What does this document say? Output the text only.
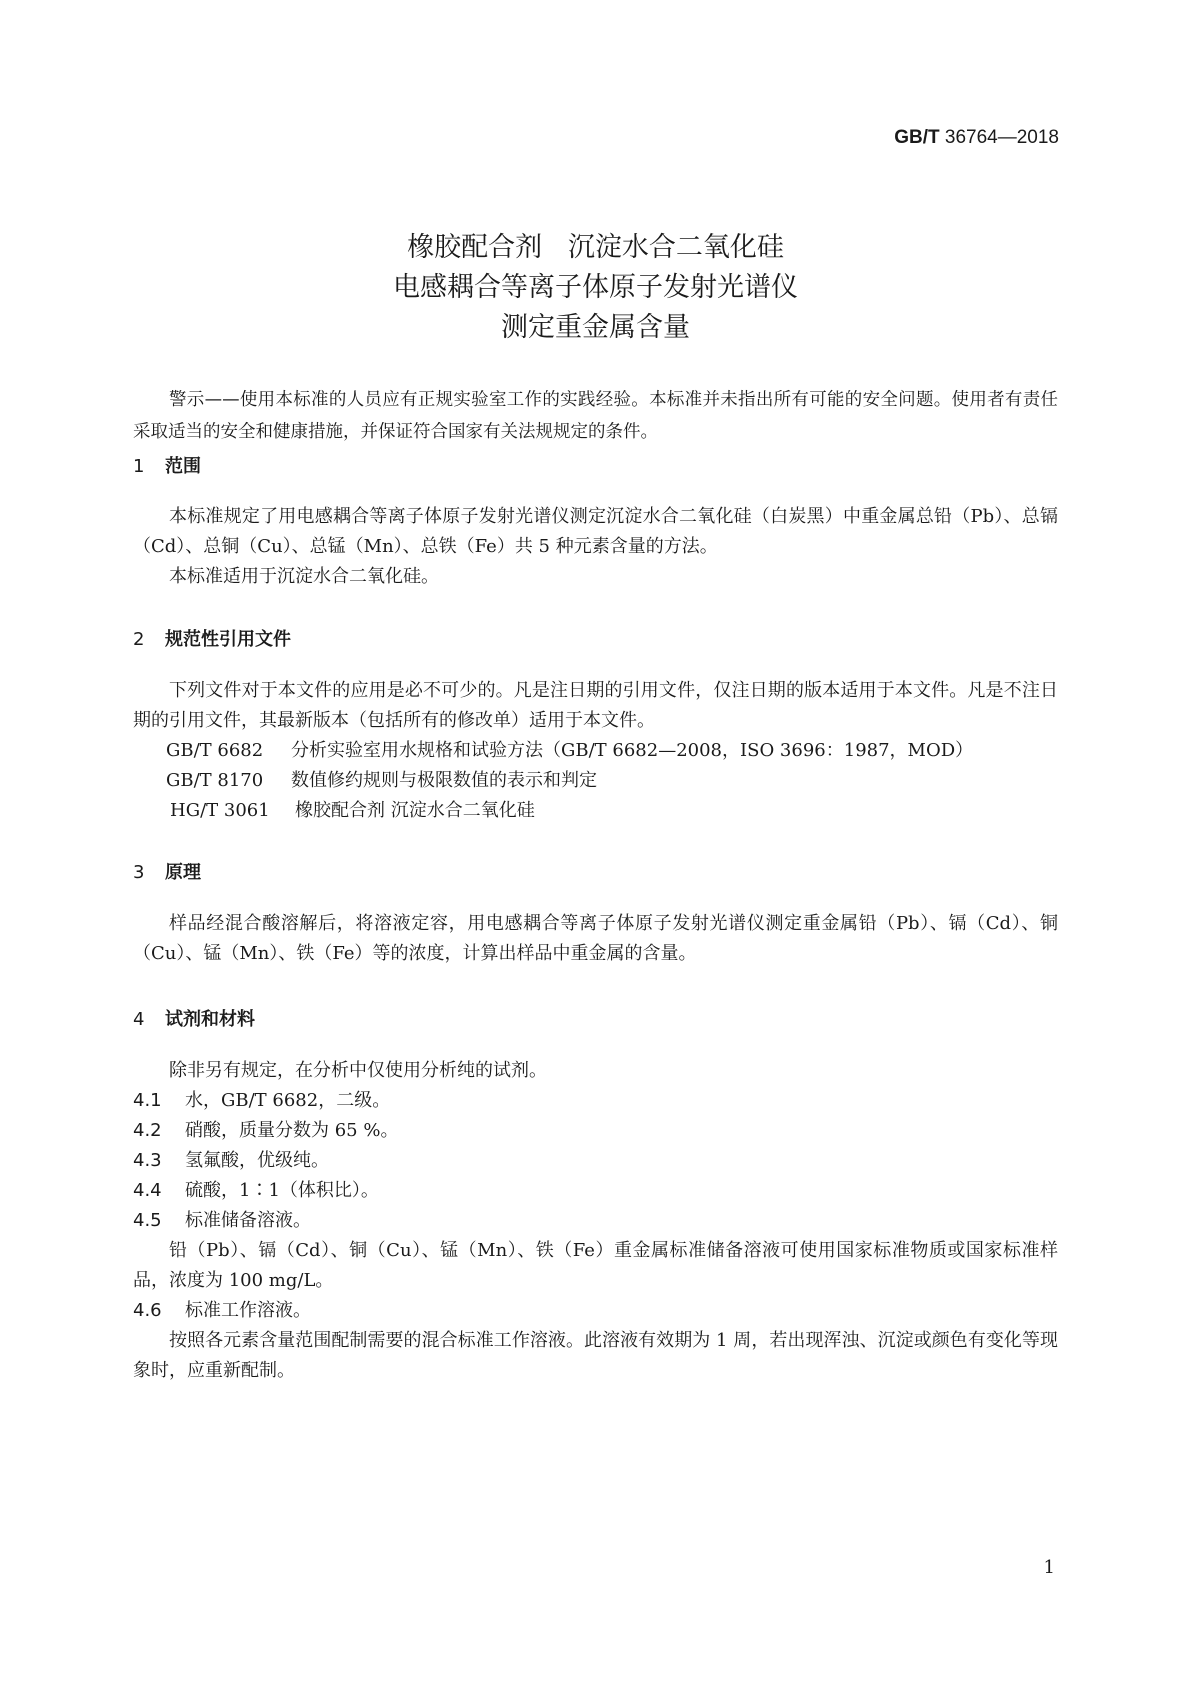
GB/T 36764—2018
橡胶配合剂   沉淀水合二氧化硅
电感耦合等离子体原子发射光谱仪
测定重金属含量

警示——使用本标准的人员应有正规实验室工作的实践经验。本标准并未指出所有可能的安全问题。使用者有责任采取适当的安全和健康措施，并保证符合国家有关法规规定的条件。

1 范围

本标准规定了用电感耦合等离子体原子发射光谱仪测定沉淀水合二氧化硅（白炭黑）中重金属总铅（Pb）、总镉（Cd）、总铜（Cu）、总锰（Mn）、总铁（Fe）共 5 种元素含量的方法。

本标准适用于沉淀水合二氧化硅。

2 规范性引用文件

下列文件对于本文件的应用是必不可少的。凡是注日期的引用文件，仅注日期的版本适用于本文件。凡是不注日期的引用文件，其最新版本（包括所有的修改单）适用于本文件。

GB/T 6682 分析实验室用水规格和试验方法（GB/T 6682—2008，ISO 3696：1987，MOD）
GB/T 8170 数值修约规则与极限数值的表示和判定
HG/T 3061 橡胶配合剂 沉淀水合二氧化硅
3 原理

样品经混合酸溶解后，将溶液定容，用电感耦合等离子体原子发射光谱仪测定重金属铅（Pb）、镉（Cd）、铜（Cu）、锰（Mn）、铁（Fe）等的浓度，计算出样品中重金属的含量。

4 试剂和材料

除非另有规定，在分析中仅使用分析纯的试剂。

4.1 水，GB/T 6682，二级。
4.2 硝酸，质量分数为 65 %。
4.3 氢氟酸，优级纯。
4.4 硫酸，1∶1（体积比）。
4.5 标准储备溶液。

铅（Pb）、镉（Cd）、铜（Cu）、锰（Mn）、铁（Fe）重金属标准储备溶液可使用国家标准物质或国家标准样品，浓度为 100 mg/L。

4.6 标准工作溶液。

按照各元素含量范围配制需要的混合标准工作溶液。此溶液有效期为 1 周，若出现浑浊、沉淀或颜色有变化等现象时，应重新配制。

1
